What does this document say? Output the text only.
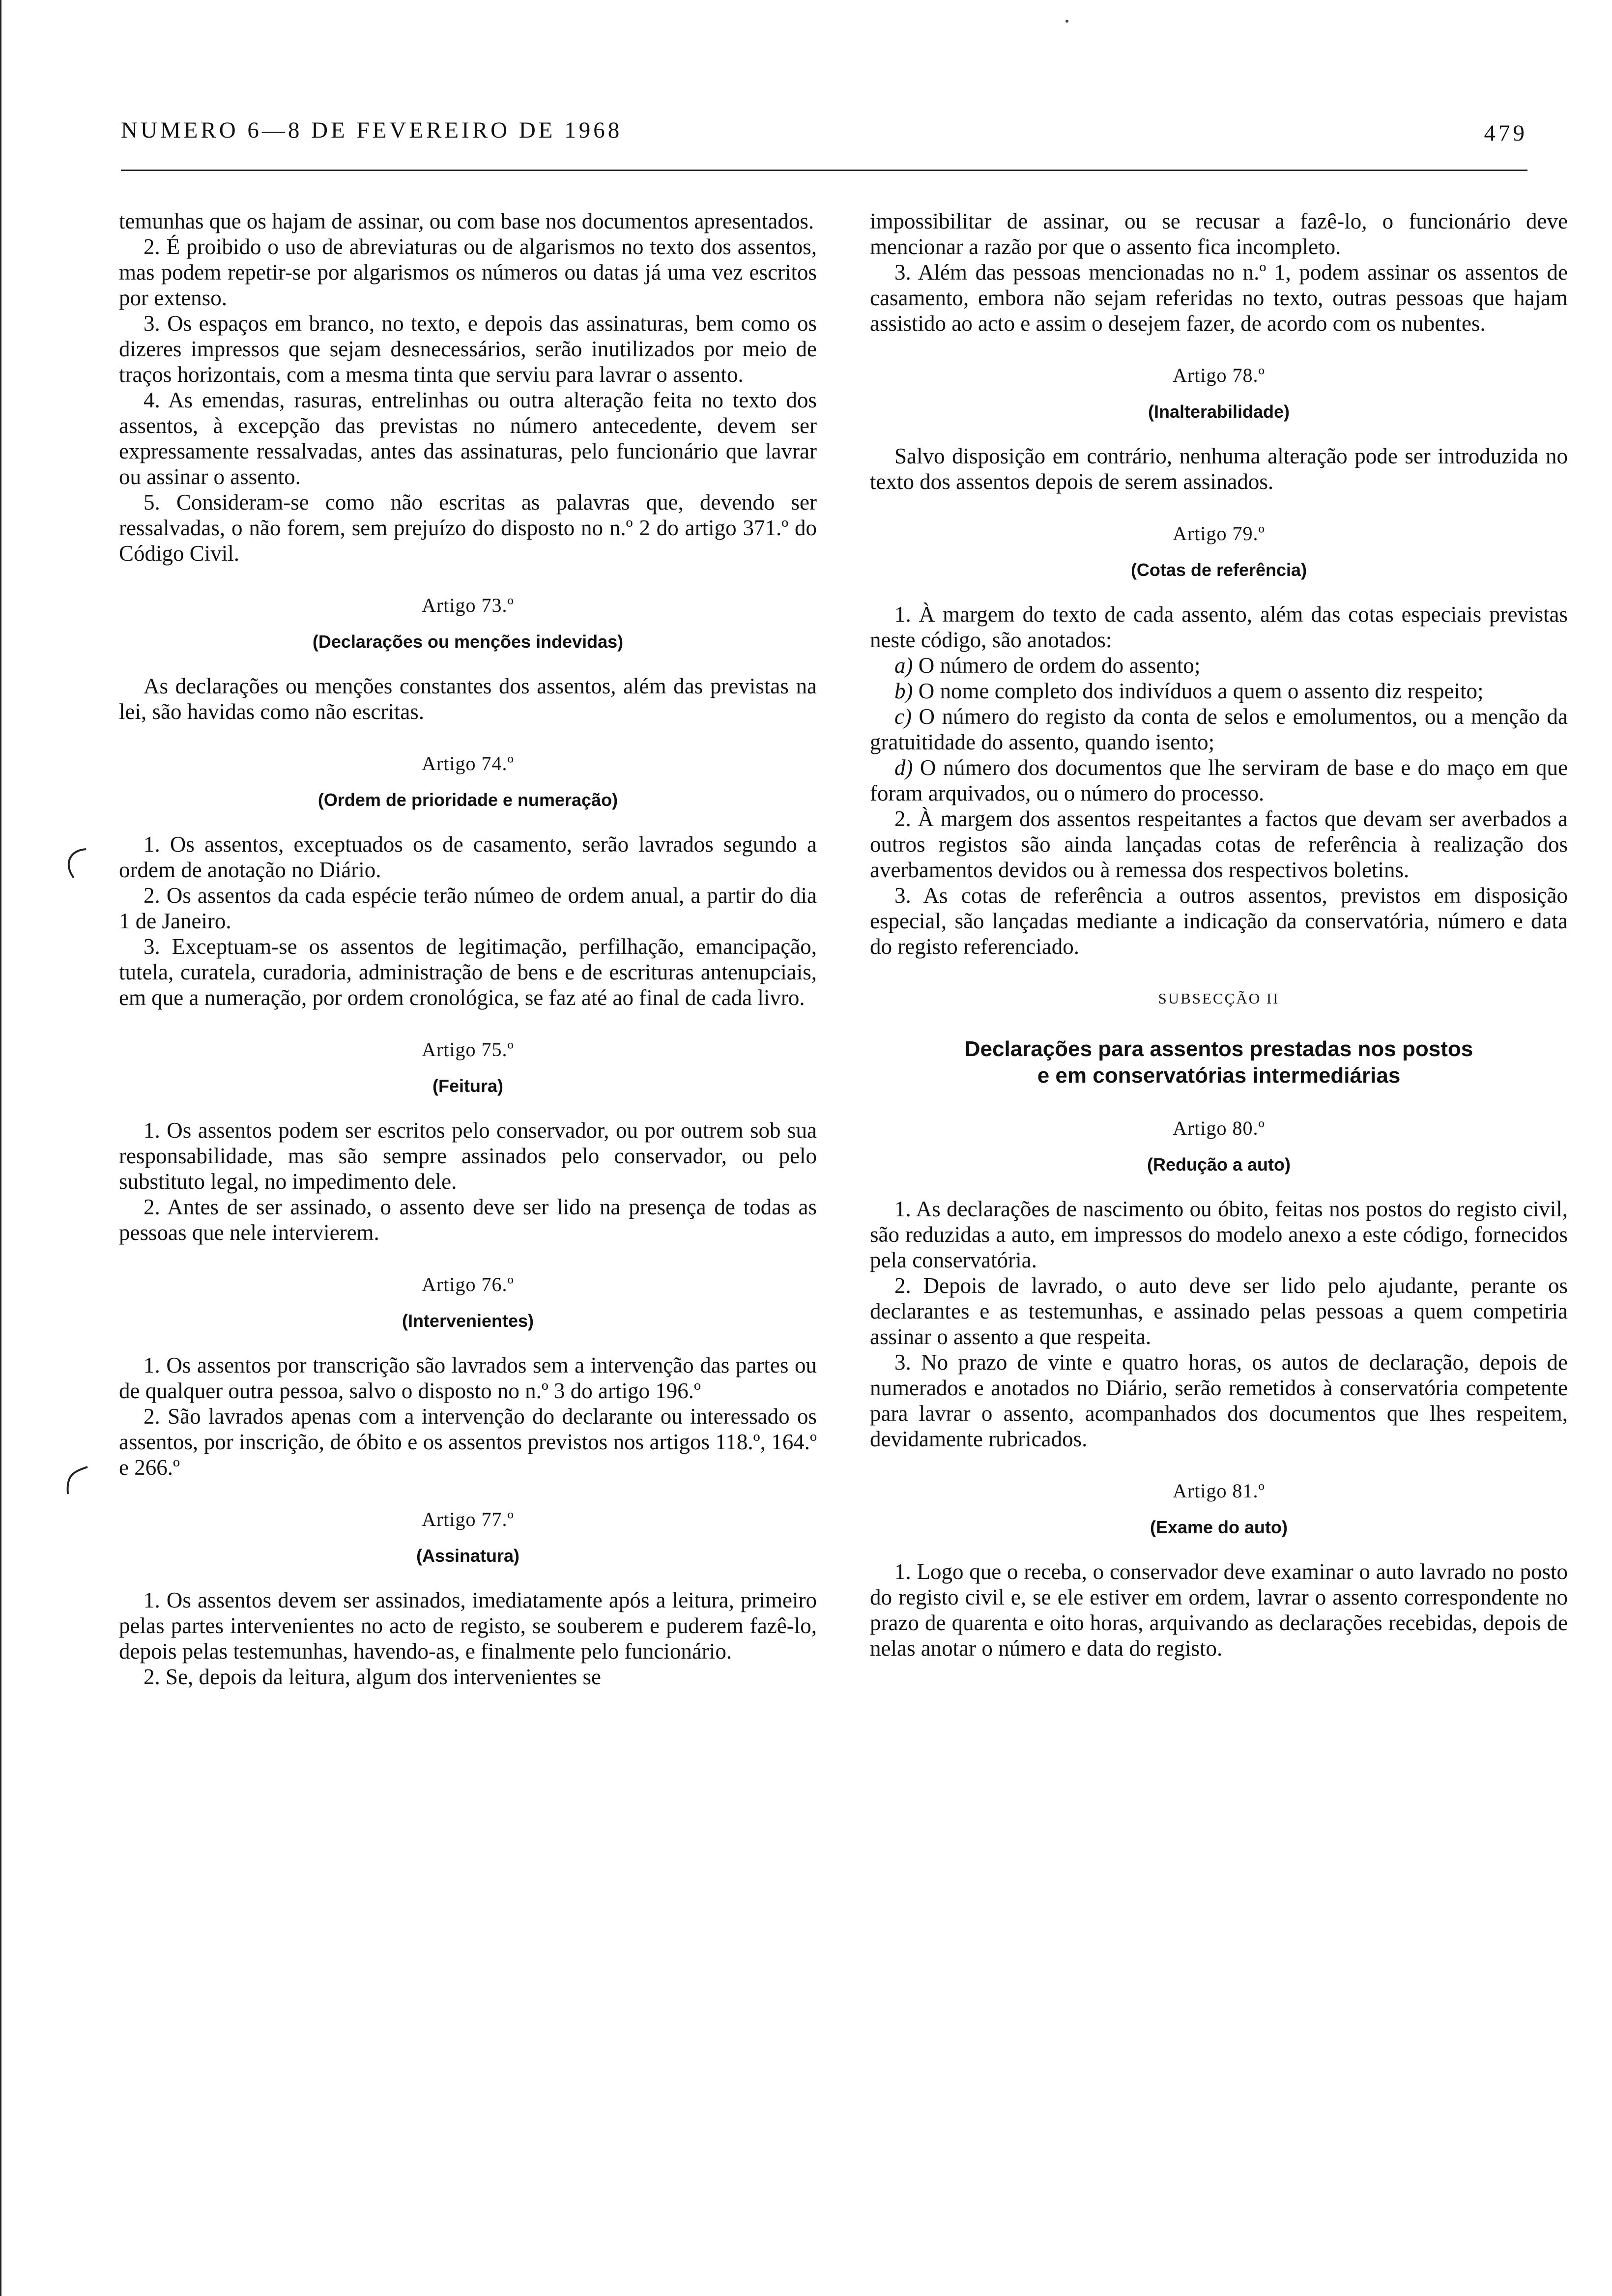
NUMERO 6—8 DE FEVEREIRO DE 1968	479

temunhas que os hajam de assinar, ou com base nos documentos apresentados.

2. É proibido o uso de abreviaturas ou de algarismos no texto dos assentos, mas podem repetir-se por algarismos os números ou datas já uma vez escritos por extenso.

3. Os espaços em branco, no texto, e depois das assinaturas, bem como os dizeres impressos que sejam desnecessários, serão inutilizados por meio de traços horizontais, com a mesma tinta que serviu para lavrar o assento.

4. As emendas, rasuras, entrelinhas ou outra alteração feita no texto dos assentos, à excepção das previstas no número antecedente, devem ser expressamente ressalvadas, antes das assinaturas, pelo funcionário que lavrar ou assinar o assento.

5. Consideram-se como não escritas as palavras que, devendo ser ressalvadas, o não forem, sem prejuízo do disposto no n.º 2 do artigo 371.º do Código Civil.

Artigo 73.º
(Declarações ou menções indevidas)

As declarações ou menções constantes dos assentos, além das previstas na lei, são havidas como não escritas.

Artigo 74.º
(Ordem de prioridade e numeração)

1. Os assentos, exceptuados os de casamento, serão lavrados segundo a ordem de anotação no Diário.

2. Os assentos da cada espécie terão númeo de ordem anual, a partir do dia 1 de Janeiro.

3. Exceptuam-se os assentos de legitimação, perfilhação, emancipação, tutela, curatela, curadoria, administração de bens e de escrituras antenupciais, em que a numeração, por ordem cronológica, se faz até ao final de cada livro.

Artigo 75.º
(Feitura)

1. Os assentos podem ser escritos pelo conservador, ou por outrem sob sua responsabilidade, mas são sempre assinados pelo conservador, ou pelo substituto legal, no impedimento dele.

2. Antes de ser assinado, o assento deve ser lido na presença de todas as pessoas que nele intervierem.

Artigo 76.º
(Intervenientes)

1. Os assentos por transcrição são lavrados sem a intervenção das partes ou de qualquer outra pessoa, salvo o disposto no n.º 3 do artigo 196.º

2. São lavrados apenas com a intervenção do declarante ou interessado os assentos, por inscrição, de óbito e os assentos previstos nos artigos 118.º, 164.º e 266.º

Artigo 77.º
(Assinatura)

1. Os assentos devem ser assinados, imediatamente após a leitura, primeiro pelas partes intervenientes no acto de registo, se souberem e puderem fazê-lo, depois pelas testemunhas, havendo-as, e finalmente pelo funcionário.

2. Se, depois da leitura, algum dos intervenientes se

impossibilitar de assinar, ou se recusar a fazê-lo, o funcionário deve mencionar a razão por que o assento fica incompleto.

3. Além das pessoas mencionadas no n.º 1, podem assinar os assentos de casamento, embora não sejam referidas no texto, outras pessoas que hajam assistido ao acto e assim o desejem fazer, de acordo com os nubentes.

Artigo 78.º
(Inalterabilidade)

Salvo disposição em contrário, nenhuma alteração pode ser introduzida no texto dos assentos depois de serem assinados.

Artigo 79.º
(Cotas de referência)

1. À margem do texto de cada assento, além das cotas especiais previstas neste código, são anotados:

a) O número de ordem do assento;

b) O nome completo dos indivíduos a quem o assento diz respeito;

c) O número do registo da conta de selos e emolumentos, ou a menção da gratuitidade do assento, quando isento;

d) O número dos documentos que lhe serviram de base e do maço em que foram arquivados, ou o número do processo.

2. À margem dos assentos respeitantes a factos que devam ser averbados a outros registos são ainda lançadas cotas de referência à realização dos averbamentos devidos ou à remessa dos respectivos boletins.

3. As cotas de referência a outros assentos, previstos em disposição especial, são lançadas mediante a indicação da conservatória, número e data do registo referenciado.

SUBSECÇÃO II
Declarações para assentos prestadas nos postos
e em conservatórias intermediárias
Artigo 80.º
(Redução a auto)

1. As declarações de nascimento ou óbito, feitas nos postos do registo civil, são reduzidas a auto, em impressos do modelo anexo a este código, fornecidos pela conservatória.

2. Depois de lavrado, o auto deve ser lido pelo ajudante, perante os declarantes e as testemunhas, e assinado pelas pessoas a quem competiria assinar o assento a que respeita.

3. No prazo de vinte e quatro horas, os autos de declaração, depois de numerados e anotados no Diário, serão remetidos à conservatória competente para lavrar o assento, acompanhados dos documentos que lhes respeitem, devidamente rubricados.

Artigo 81.º
(Exame do auto)

1. Logo que o receba, o conservador deve examinar o auto lavrado no posto do registo civil e, se ele estiver em ordem, lavrar o assento correspondente no prazo de quarenta e oito horas, arquivando as declarações recebidas, depois de nelas anotar o número e data do registo.
